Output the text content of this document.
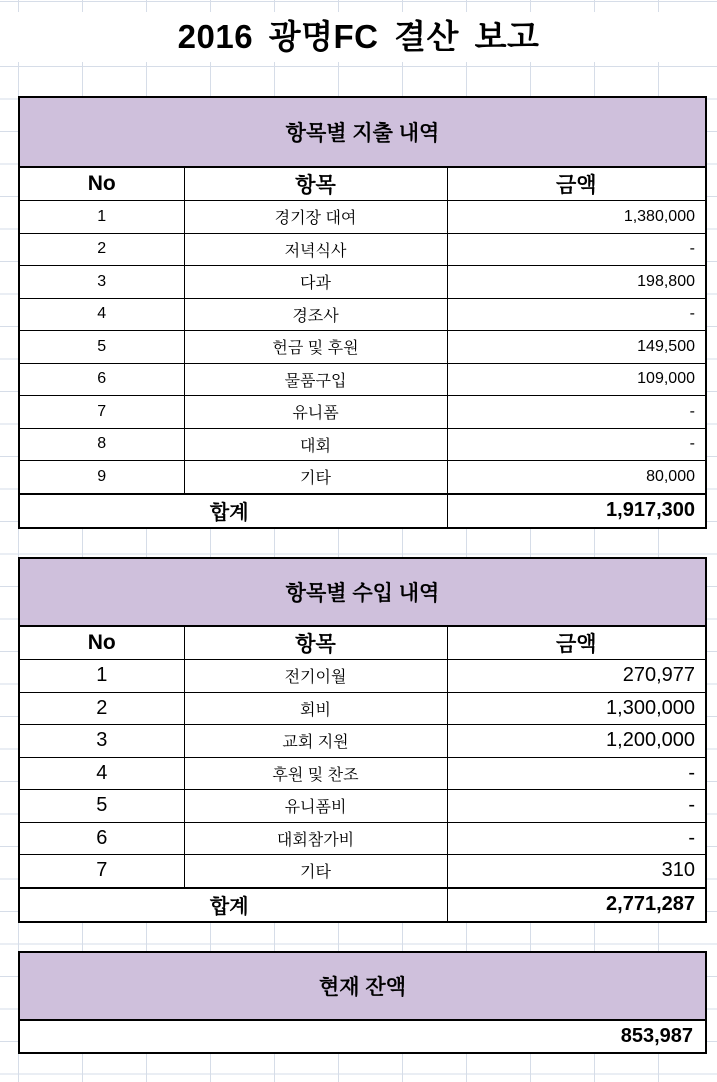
2016 광명FC 결산 보고
항목별 지출 내역
No	항목	금액
1	경기장 대여	1,380,000
2	저녁식사	-
3	다과	198,800
4	경조사	-
5	헌금 및 후원	149,500
6	물품구입	109,000
7	유니폼	-
8	대회	-
9	기타	80,000
합계		1,917,300
항목별 수입 내역
No	항목	금액
1	전기이월	270,977
2	회비	1,300,000
3	교회 지원	1,200,000
4	후원 및 찬조	-
5	유니폼비	-
6	대회참가비	-
7	기타	310
합계		2,771,287
현재 잔액
853,987
